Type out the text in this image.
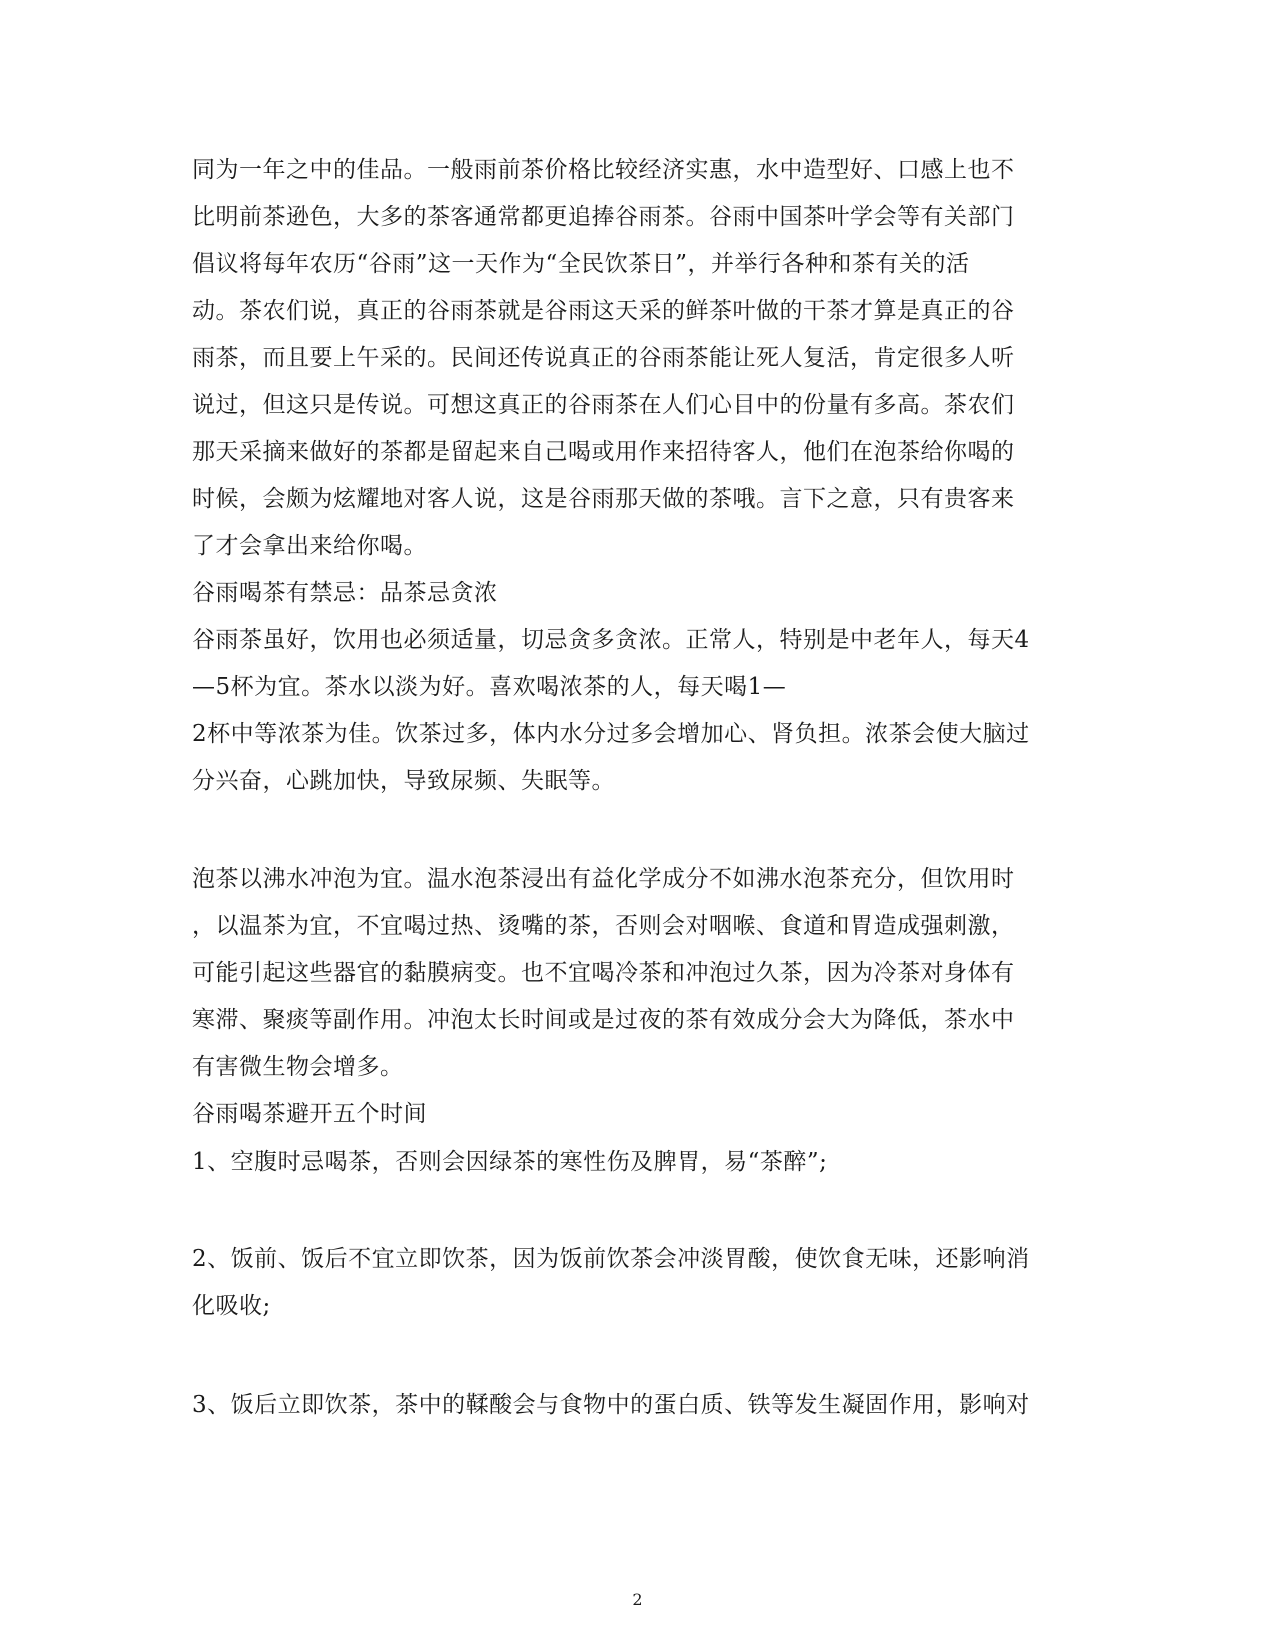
同为一年之中的佳品。一般雨前茶价格比较经济实惠，水中造型好、口感上也不
比明前茶逊色，大多的茶客通常都更追捧谷雨茶。谷雨中国茶叶学会等有关部门
倡议将每年农历“谷雨”这一天作为“全民饮茶日”，并举行各种和茶有关的活
动。茶农们说，真正的谷雨茶就是谷雨这天采的鲜茶叶做的干茶才算是真正的谷
雨茶，而且要上午采的。民间还传说真正的谷雨茶能让死人复活，肯定很多人听
说过，但这只是传说。可想这真正的谷雨茶在人们心目中的份量有多高。茶农们
那天采摘来做好的茶都是留起来自己喝或用作来招待客人，他们在泡茶给你喝的
时候，会颇为炫耀地对客人说，这是谷雨那天做的茶哦。言下之意，只有贵客来
了才会拿出来给你喝。
谷雨喝茶有禁忌：品茶忌贪浓
谷雨茶虽好，饮用也必须适量，切忌贪多贪浓。正常人，特别是中老年人，每天4
—5杯为宜。茶水以淡为好。喜欢喝浓茶的人，每天喝1—
2杯中等浓茶为佳。饮茶过多，体内水分过多会增加心、肾负担。浓茶会使大脑过
分兴奋，心跳加快，导致尿频、失眠等。
泡茶以沸水冲泡为宜。温水泡茶浸出有益化学成分不如沸水泡茶充分，但饮用时
，以温茶为宜，不宜喝过热、烫嘴的茶，否则会对咽喉、食道和胃造成强刺激，
可能引起这些器官的黏膜病变。也不宜喝冷茶和冲泡过久茶，因为冷茶对身体有
寒滞、聚痰等副作用。冲泡太长时间或是过夜的茶有效成分会大为降低，茶水中
有害微生物会增多。
谷雨喝茶避开五个时间
1、空腹时忌喝茶，否则会因绿茶的寒性伤及脾胃，易“茶醉”;
2、饭前、饭后不宜立即饮茶，因为饭前饮茶会冲淡胃酸，使饮食无味，还影响消
化吸收;
3、饭后立即饮茶，茶中的鞣酸会与食物中的蛋白质、铁等发生凝固作用，影响对
2
